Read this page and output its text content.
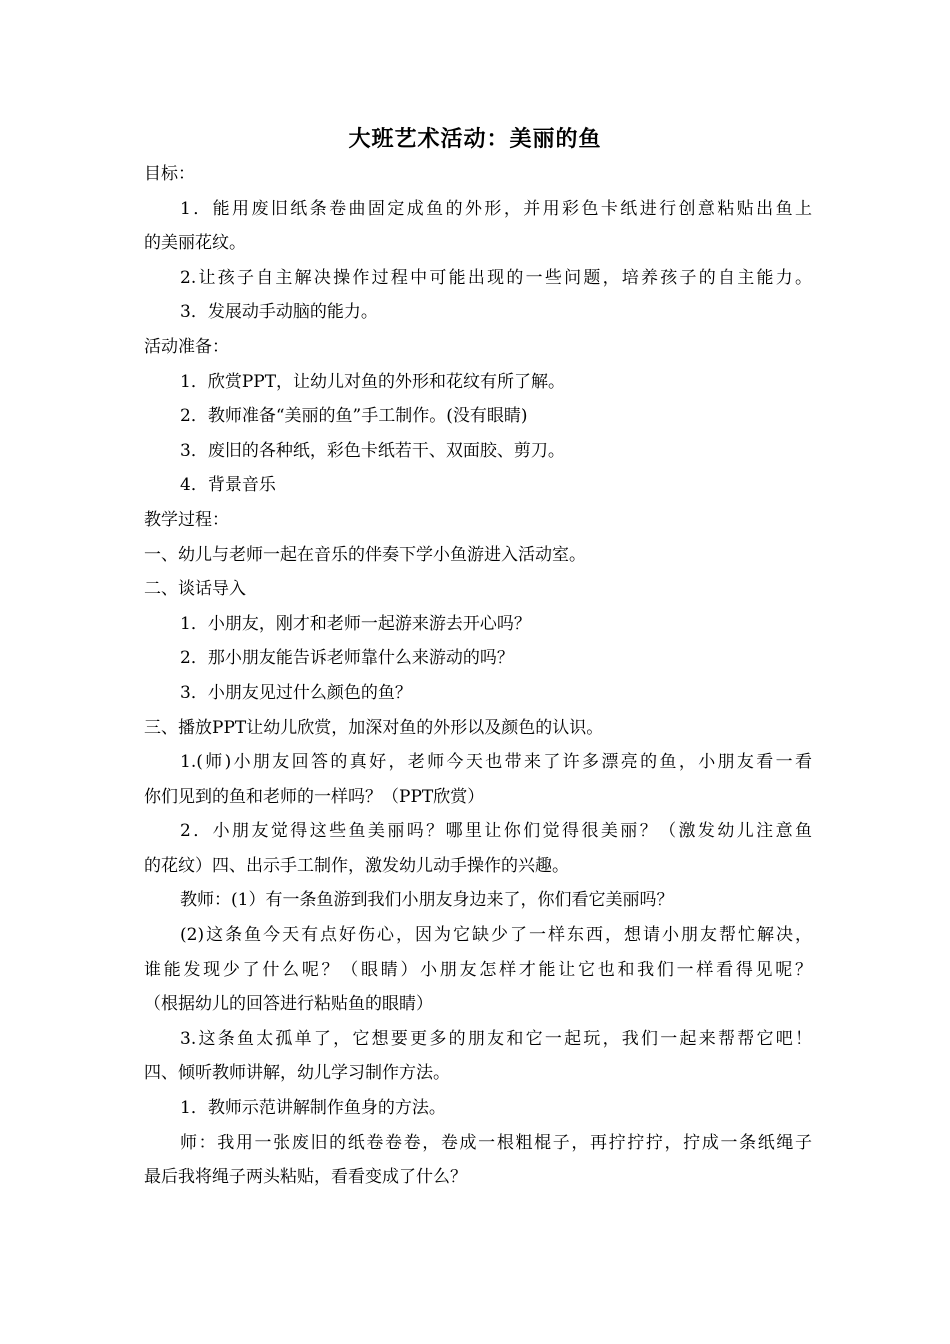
大班艺术活动：美丽的鱼
目标：
1．能用废旧纸条卷曲固定成鱼的外形，并用彩色卡纸进行创意粘贴出鱼上
的美丽花纹。
2.让孩子自主解决操作过程中可能出现的一些问题，培养孩子的自主能力。
3．发展动手动脑的能力。
活动准备：
1．欣赏PPT，让幼儿对鱼的外形和花纹有所了解。
2．教师准备“美丽的鱼”手工制作。(没有眼睛)
3．废旧的各种纸，彩色卡纸若干、双面胶、剪刀。
4．背景音乐
教学过程：
一、幼儿与老师一起在音乐的伴奏下学小鱼游进入活动室。
二、谈话导入
1．小朋友，刚才和老师一起游来游去开心吗？
2．那小朋友能告诉老师靠什么来游动的吗？
3．小朋友见过什么颜色的鱼？
三、播放PPT让幼儿欣赏，加深对鱼的外形以及颜色的认识。
1.(师)小朋友回答的真好，老师今天也带来了许多漂亮的鱼，小朋友看一看
你们见到的鱼和老师的一样吗？（PPT欣赏）
2．小朋友觉得这些鱼美丽吗？哪里让你们觉得很美丽？（激发幼儿注意鱼
的花纹）四、出示手工制作，激发幼儿动手操作的兴趣。
教师：(1）有一条鱼游到我们小朋友身边来了，你们看它美丽吗？
(2)这条鱼今天有点好伤心，因为它缺少了一样东西，想请小朋友帮忙解决，
谁能发现少了什么呢？（眼睛）小朋友怎样才能让它也和我们一样看得见呢？
（根据幼儿的回答进行粘贴鱼的眼睛）
3.这条鱼太孤单了，它想要更多的朋友和它一起玩，我们一起来帮帮它吧！
四、倾听教师讲解，幼儿学习制作方法。
1．教师示范讲解制作鱼身的方法。
师：我用一张废旧的纸卷卷卷，卷成一根粗棍子，再拧拧拧，拧成一条纸绳子
最后我将绳子两头粘贴，看看变成了什么？
